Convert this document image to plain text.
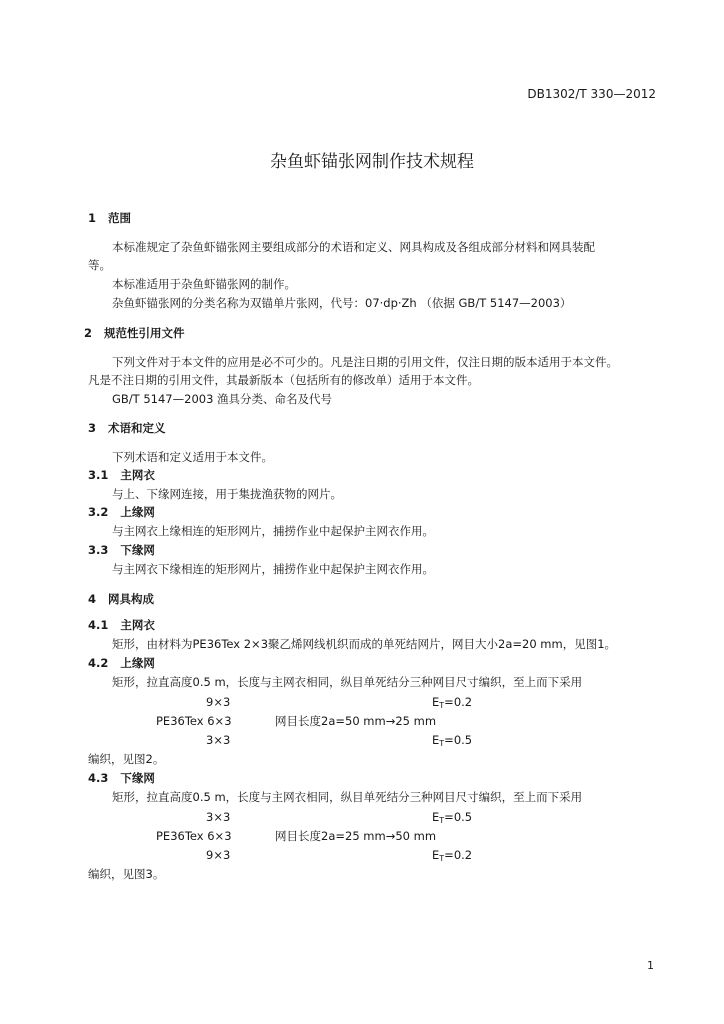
DB1302/T 330—2012
杂鱼虾锚张网制作技术规程
1 范围
本标准规定了杂鱼虾锚张网主要组成部分的术语和定义、网具构成及各组成部分材料和网具装配
等。
本标准适用于杂鱼虾锚张网的制作。
杂鱼虾锚张网的分类名称为双锚单片张网，代号：07·dp·Zh （依据 GB/T 5147—2003）
2 规范性引用文件
下列文件对于本文件的应用是必不可少的。凡是注日期的引用文件，仅注日期的版本适用于本文件。
凡是不注日期的引用文件，其最新版本（包括所有的修改单）适用于本文件。
GB/T 5147—2003 渔具分类、命名及代号
3 术语和定义
下列术语和定义适用于本文件。
3.1 主网衣
与上、下缘网连接，用于集拢渔获物的网片。
3.2 上缘网
与主网衣上缘相连的矩形网片，捕捞作业中起保护主网衣作用。
3.3 下缘网
与主网衣下缘相连的矩形网片，捕捞作业中起保护主网衣作用。
4 网具构成
4.1 主网衣
矩形，由材料为PE36Tex 2×3聚乙烯网线机织而成的单死结网片，网目大小2a=20 mm，见图1。
4.2 上缘网
矩形，拉直高度0.5 m，长度与主网衣相同，纵目单死结分三种网目尺寸编织，至上而下采用
9×3	$E_T=0.2$
PE36Tex 6×3	网目长度2a=50 mm→25 mm
3×3	$E_T=0.5$
编织，见图2。
4.3 下缘网
矩形，拉直高度0.5 m，长度与主网衣相同，纵目单死结分三种网目尺寸编织，至上而下采用
3×3	$E_T=0.5$
PE36Tex 6×3	网目长度2a=25 mm→50 mm
9×3	$E_T=0.2$
编织，见图3。
1
